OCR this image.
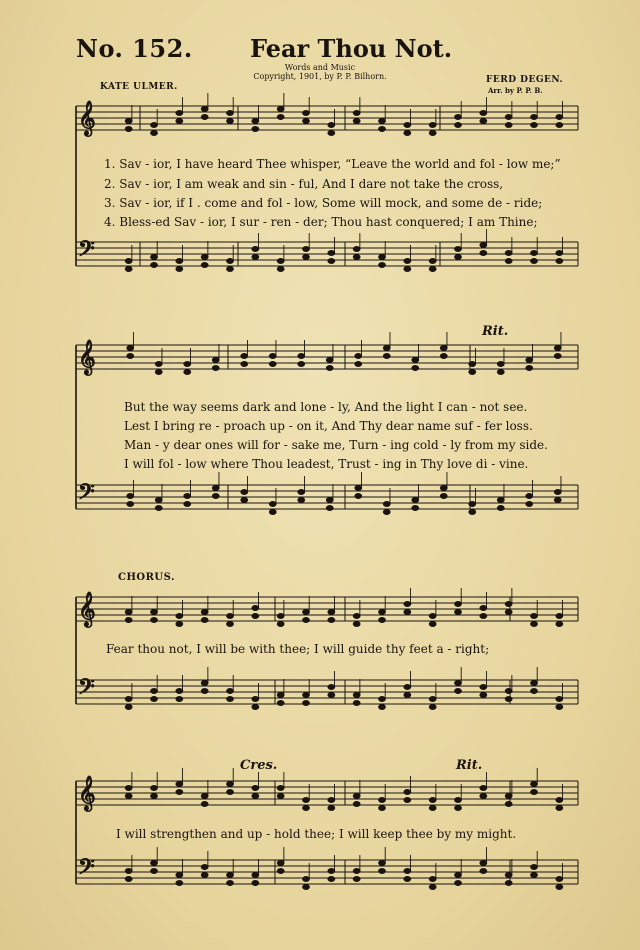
No. 152. Fear Thou Not.
Words and Music
Copyright, 1901, by P. P. Bilhorn.
KATE ULMER.
FERD DEGEN.
Arr. by P. P. B.
𝄞
𝄢
𝄞
𝄢
𝄞
𝄢
𝄞
𝄢
1. Sav - ior, I have heard Thee whisper, “Leave the world and fol - low me;”
2. Sav - ior, I am weak and sin - ful, And I dare not take the cross,
3. Sav - ior, if I . come and fol - low, Some will mock, and some de - ride;
4. Bless-ed Sav - ior, I sur - ren - der; Thou hast conquered; I am Thine;
Rit.
But the way seems dark and lone - ly, And the light I can - not see.
Lest I bring re - proach up - on it, And Thy dear name suf - fer loss.
Man - y dear ones will for - sake me, Turn - ing cold - ly from my side.
I will fol - low where Thou leadest, Trust - ing in Thy love di - vine.
CHORUS.
Fear thou not, I will be with thee; I will guide thy feet a - right;
Cres.	Rit.
I will strengthen and up - hold thee; I will keep thee by my might.
